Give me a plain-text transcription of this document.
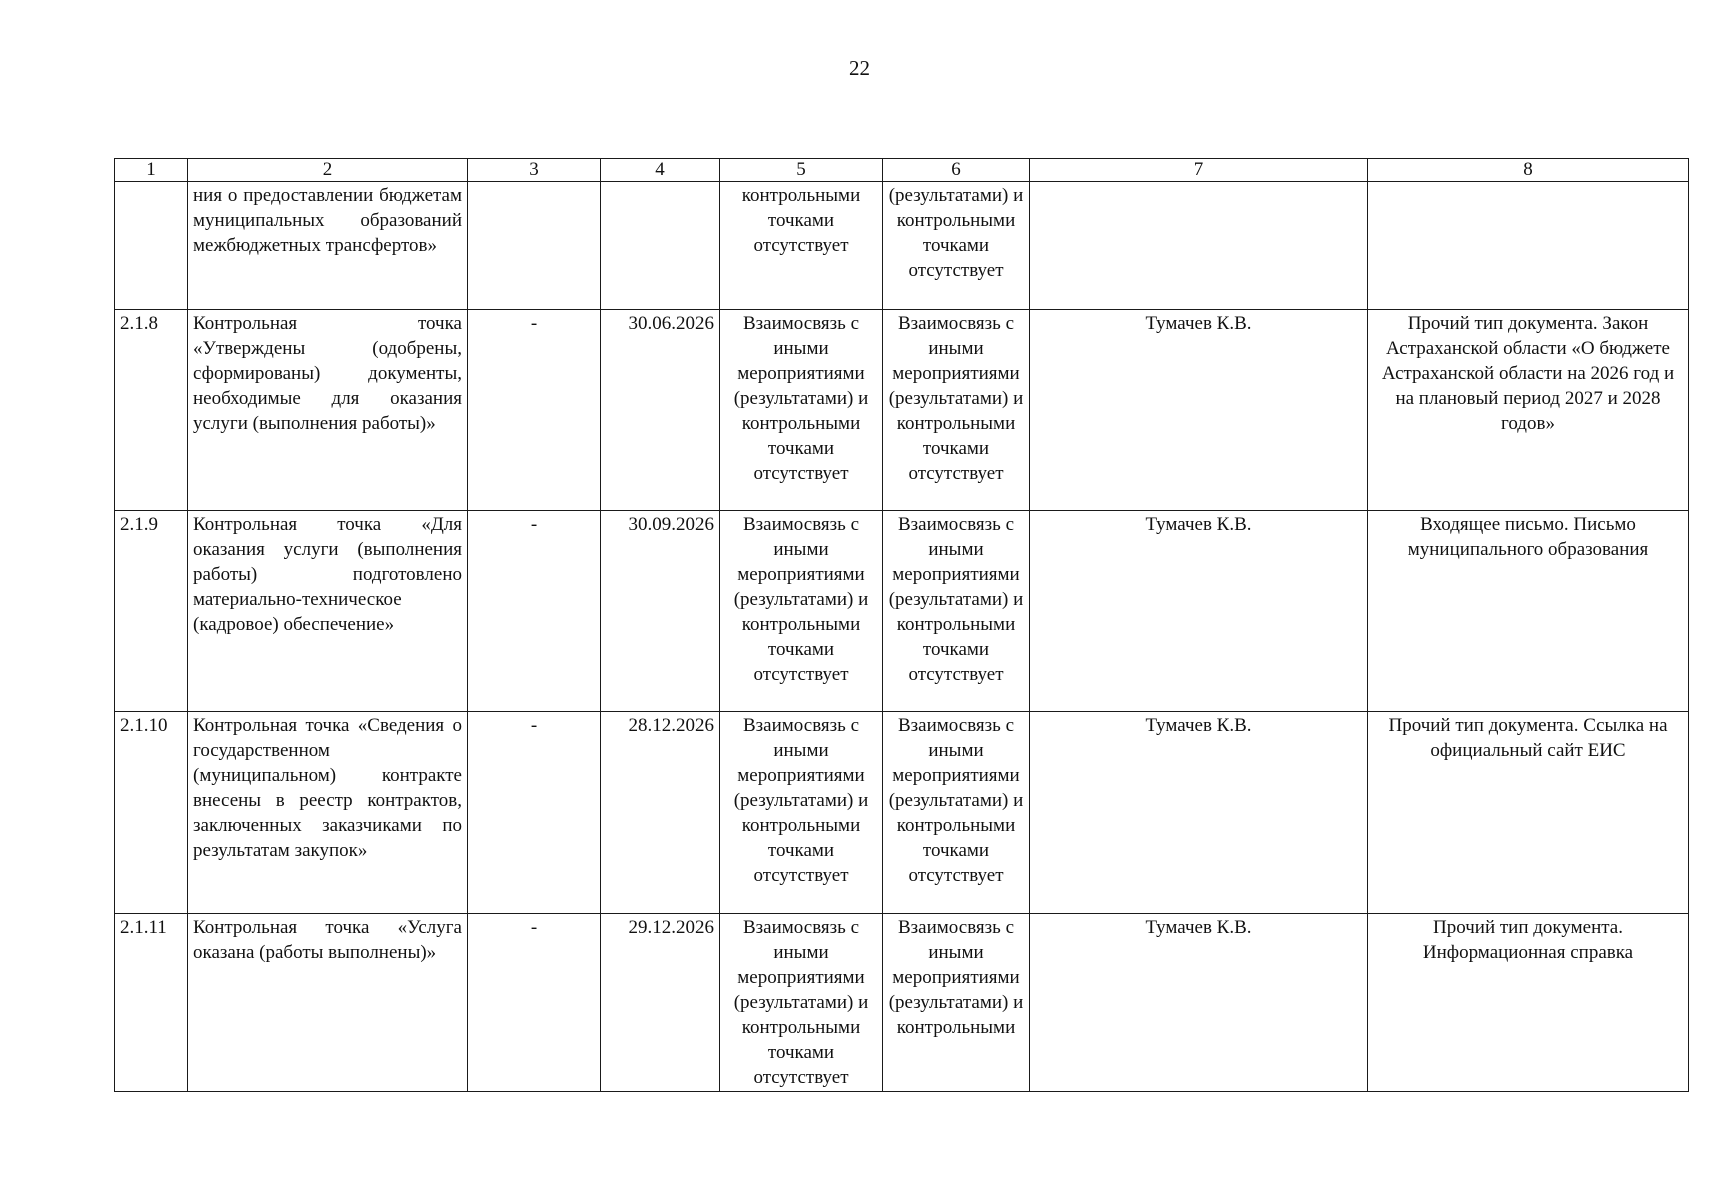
22
1	2	3	4	5	6	7	8
	ния о предоставлении бюджетам муниципальных образований межбюджетных трансфертов»			контрольными точками отсутствует	(результатами) и контрольными точками отсутствует		
2.1.8	Контрольная точка «Утверждены (одобрены, сформированы) документы, необходимые для оказания услуги (выполнения работы)»	-	30.06.2026	Взаимосвязь с иными мероприятиями (результатами) и контрольными точками отсутствует	Взаимосвязь с иными мероприятиями (результатами) и контрольными точками отсутствует	Тумачев К.В.	Прочий тип документа. Закон Астраханской области «О бюджете Астраханской области на 2026 год и на плановый период 2027 и 2028 годов»
2.1.9	Контрольная точка «Для оказания услуги (выполнения работы) подготовлено материально-техническое (кадровое) обеспечение»	-	30.09.2026	Взаимосвязь с иными мероприятиями (результатами) и контрольными точками отсутствует	Взаимосвязь с иными мероприятиями (результатами) и контрольными точками отсутствует	Тумачев К.В.	Входящее письмо. Письмо муниципального образования
2.1.10	Контрольная точка «Сведения о государственном (муниципальном) контракте внесены в реестр контрактов, заключенных заказчиками по результатам закупок»	-	28.12.2026	Взаимосвязь с иными мероприятиями (результатами) и контрольными точками отсутствует	Взаимосвязь с иными мероприятиями (результатами) и контрольными точками отсутствует	Тумачев К.В.	Прочий тип документа. Ссылка на официальный сайт ЕИС
2.1.11	Контрольная точка «Услуга оказана (работы выполнены)»	-	29.12.2026	Взаимосвязь с иными мероприятиями (результатами) и контрольными точками отсутствует	Взаимосвязь с иными мероприятиями (результатами) и контрольными	Тумачев К.В.	Прочий тип документа. Информационная справка
